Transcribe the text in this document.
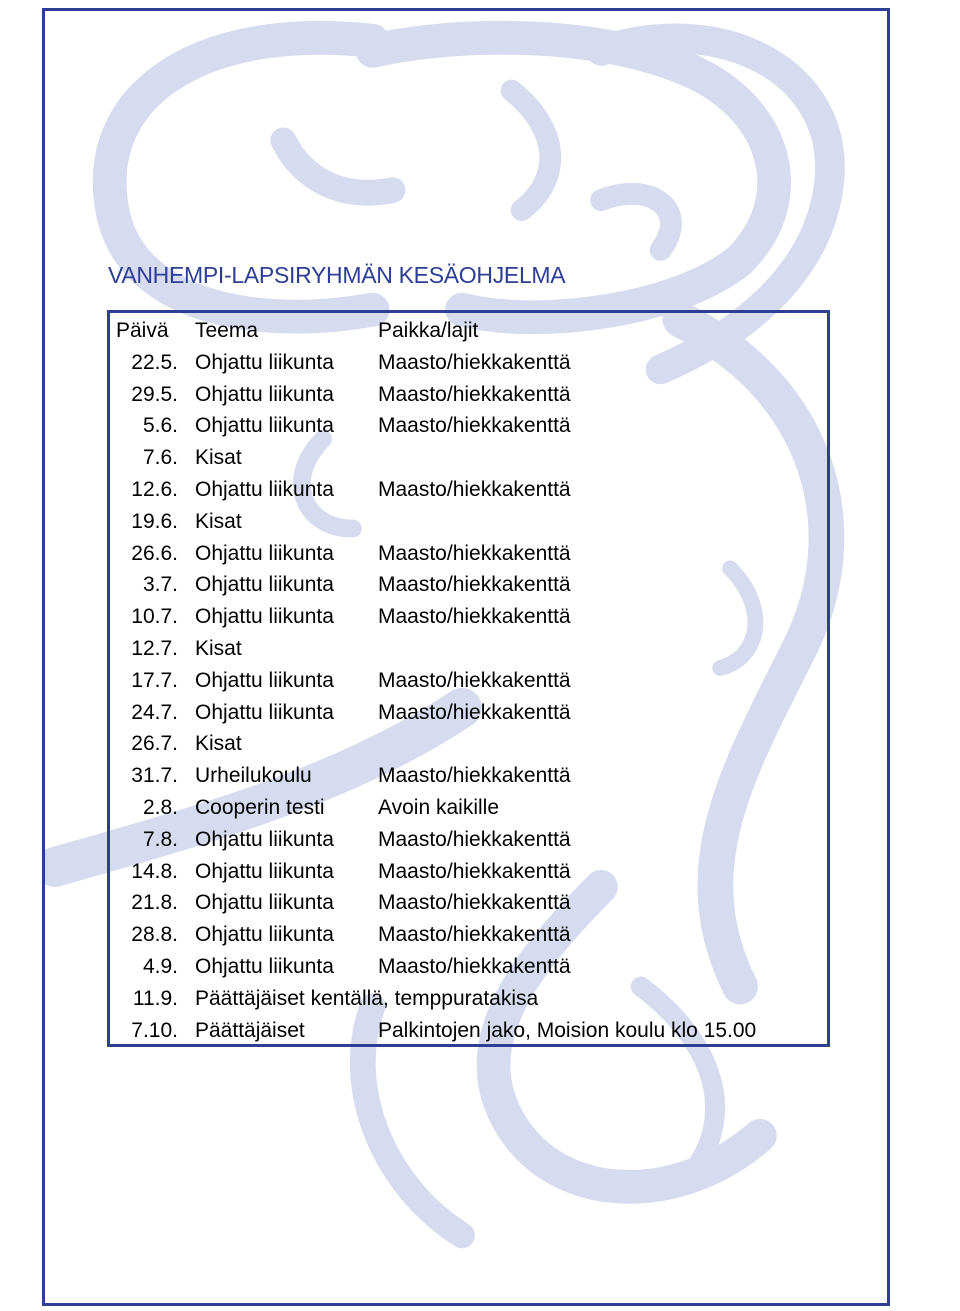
VANHEMPI-LAPSIRYHMÄN KESÄOHJELMA
Päivä	Teema	Paikka/lajit
22.5.	Ohjattu liikunta	Maasto/hiekkakenttä
29.5.	Ohjattu liikunta	Maasto/hiekkakenttä
5.6.	Ohjattu liikunta	Maasto/hiekkakenttä
7.6.	Kisat	
12.6.	Ohjattu liikunta	Maasto/hiekkakenttä
19.6.	Kisat	
26.6.	Ohjattu liikunta	Maasto/hiekkakenttä
3.7.	Ohjattu liikunta	Maasto/hiekkakenttä
10.7.	Ohjattu liikunta	Maasto/hiekkakenttä
12.7.	Kisat	
17.7.	Ohjattu liikunta	Maasto/hiekkakenttä
24.7.	Ohjattu liikunta	Maasto/hiekkakenttä
26.7.	Kisat	
31.7.	Urheilukoulu	Maasto/hiekkakenttä
2.8.	Cooperin testi	Avoin kaikille
7.8.	Ohjattu liikunta	Maasto/hiekkakenttä
14.8.	Ohjattu liikunta	Maasto/hiekkakenttä
21.8.	Ohjattu liikunta	Maasto/hiekkakenttä
28.8.	Ohjattu liikunta	Maasto/hiekkakenttä
4.9.	Ohjattu liikunta	Maasto/hiekkakenttä
11.9.	Päättäjäiset kentällä, temppuratakisa	
7.10.	Päättäjäiset	Palkintojen jako, Moision koulu klo 15.00
